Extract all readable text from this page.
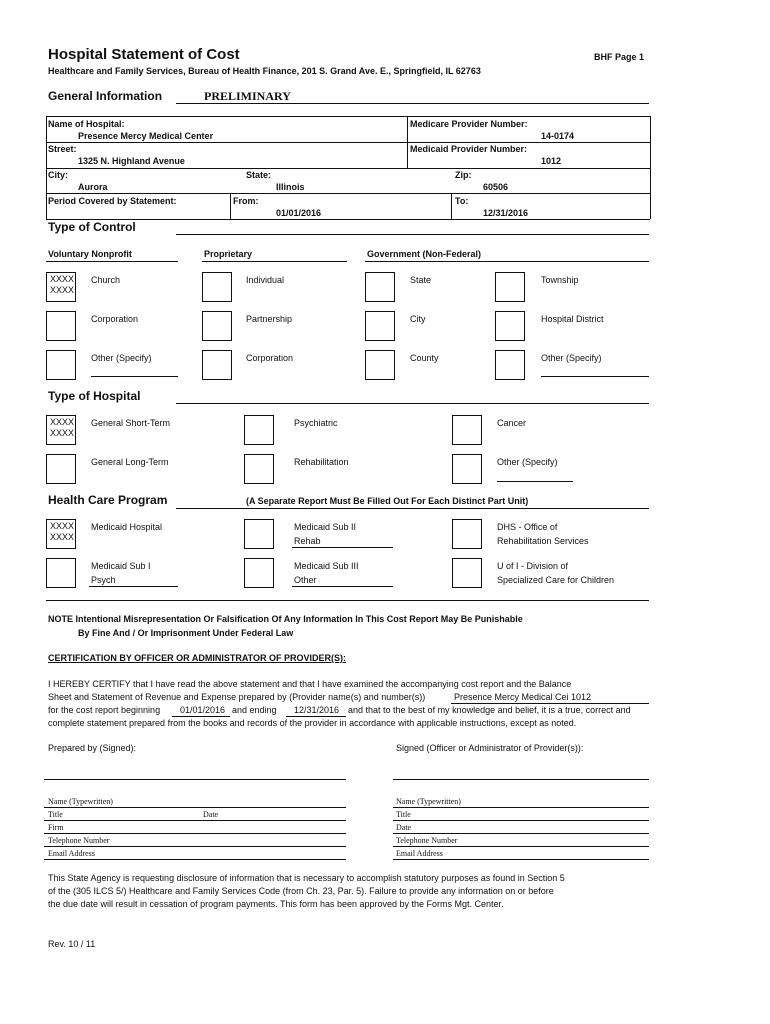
Hospital Statement of Cost	BHF Page 1
Healthcare and Family Services, Bureau of Health Finance, 201 S. Grand Ave. E., Springfield, IL 62763
General Information	PRELIMINARY
Name of Hospital:
Presence Mercy Medical Center
Medicare Provider Number:
14-0174
Street:
1325 N. Highland Avenue
Medicaid Provider Number:
1012
City:
Aurora
State:
Illinois
Zip:
60506
Period Covered by Statement:	From:
01/01/2016
To:
12/31/2016
Type of Control
Voluntary Nonprofit	Proprietary	Government (Non-Federal)
XXXX
XXXX
Church	Individual	State	Township
Corporation	Partnership	City	Hospital District
Other (Specify)	Corporation	County	Other (Specify)
Type of Hospital
XXXX
XXXX
General Short-Term	Psychiatric	Cancer
General Long-Term	Rehabilitation	Other (Specify)
Health Care Program	(A Separate Report Must Be Filled Out For Each Distinct Part Unit)
XXXX
XXXX
Medicaid Hospital	Medicaid Sub II
Rehab
DHS - Office of
Rehabilitation Services
Medicaid Sub I
Psych
Medicaid Sub III
Other
U of I - Division of
Specialized Care for Children
NOTE Intentional Misrepresentation Or Falsification Of Any Information In This Cost Report May Be Punishable
By Fine And / Or Imprisonment Under Federal Law
CERTIFICATION BY OFFICER OR ADMINISTRATOR OF PROVIDER(S):
I HEREBY CERTIFY that I have read the above statement and that I have examined the accompanying cost report and the Balance
Sheet and Statement of Revenue and Expense prepared by (Provider name(s) and number(s))	Presence Mercy Medical Cei 1012
for the cost report beginning 01/01/2016 and ending 12/31/2016 and that to the best of my knowledge and belief, it is a true, correct and
complete statement prepared from the books and records of the provider in accordance with applicable instructions, except as noted.
Prepared by (Signed):	Signed (Officer or Administrator of Provider(s)):
Name (Typewritten)
Title	Date
Firm
Telephone Number
Email Address
Name (Typewritten)
Title
Date
Telephone Number
Email Address
This State Agency is requesting disclosure of information that is necessary to accomplish statutory purposes as found in Section 5
of the (305 ILCS 5/) Healthcare and Family Services Code (from Ch. 23, Par. 5). Failure to provide any information on or before
the due date will result in cessation of program payments. This form has been approved by the Forms Mgt. Center.
Rev. 10 / 11
